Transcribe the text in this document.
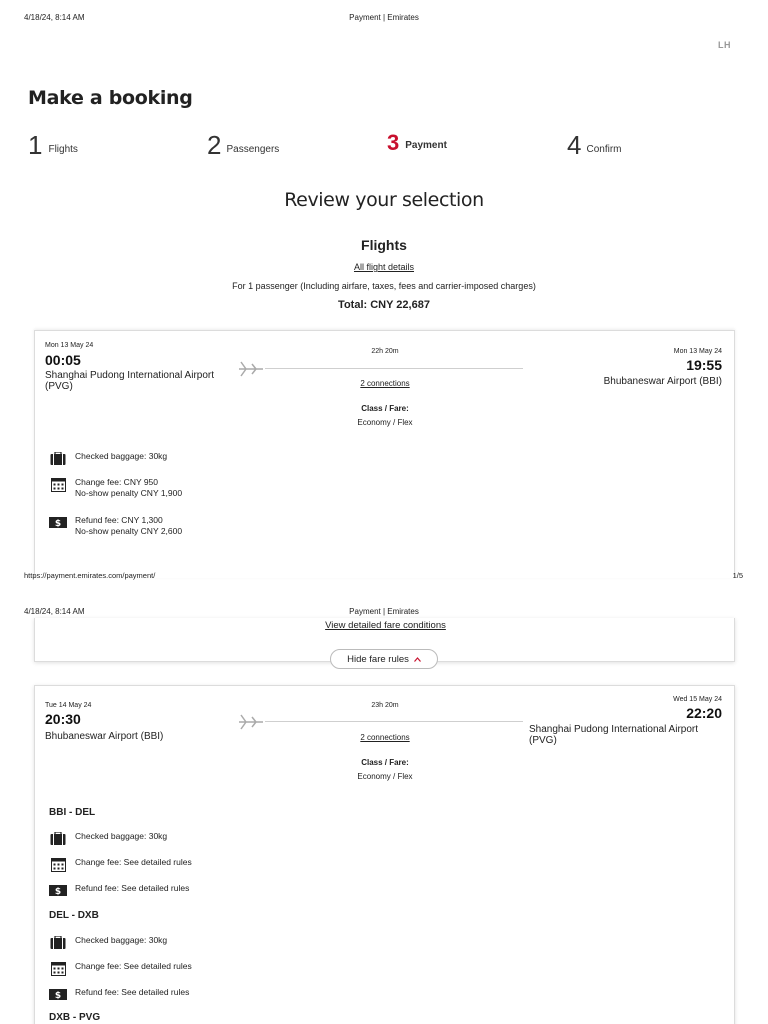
4/18/24, 8:14 AM	Payment | Emirates
LH
Make a booking
1 Flights	2 Passengers	3 Payment	4 Confirm
Review your selection
Flights
All flight details
For 1 passenger (Including airfare, taxes, fees and carrier-imposed charges)
Total: CNY 22,687
Mon 13 May 24
00:05
Shanghai Pudong International Airport (PVG)
22h 20m
2 connections
Class / Fare:
Economy / Flex
Mon 13 May 24
19:55
Bhubaneswar Airport (BBI)
Checked baggage: 30kg
Change fee: CNY 950
No-show penalty CNY 1,900
$ Refund fee: CNY 1,300
No-show penalty CNY 2,600
https://payment.emirates.com/payment/	1/5
View detailed fare conditions
Hide fare rules
4/18/24, 8:14 AM	Payment | Emirates
Tue 14 May 24
20:30
Bhubaneswar Airport (BBI)
23h 20m
2 connections
Class / Fare:
Economy / Flex
Wed 15 May 24
22:20
Shanghai Pudong International Airport (PVG)
BBI - DEL
Checked baggage: 30kg
Change fee: See detailed rules
$ Refund fee: See detailed rules
DEL - DXB
Checked baggage: 30kg
Change fee: See detailed rules
$ Refund fee: See detailed rules
DXB - PVG
